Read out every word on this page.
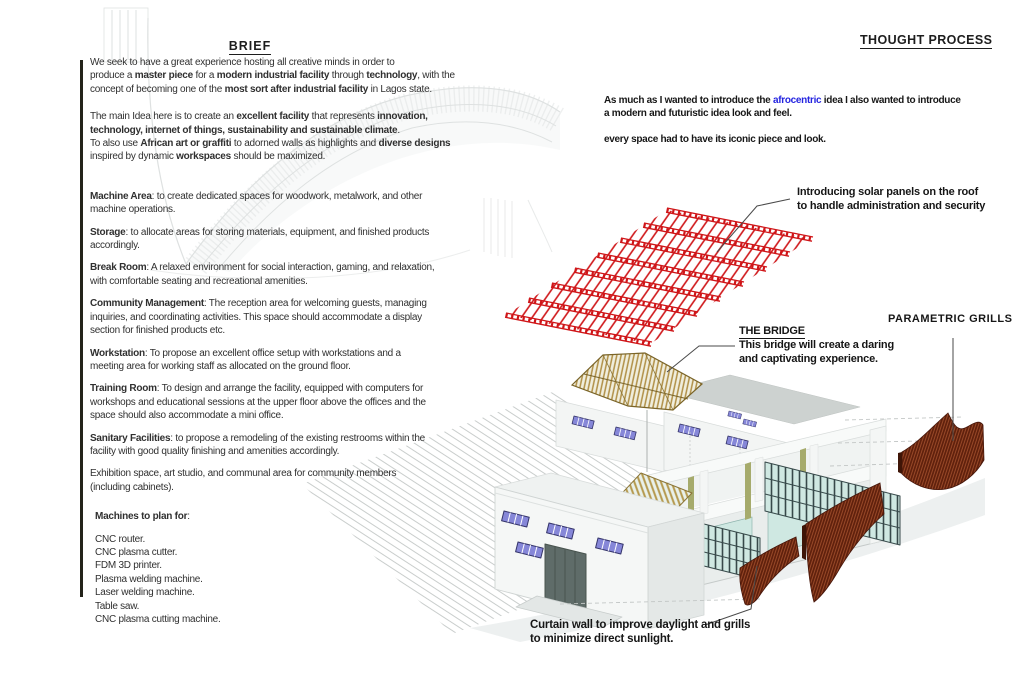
BRIEF
We seek to have a great experience hosting all creative minds in order to
produce a master piece for a modern industrial facility through technology, with the
concept of becoming one of the most sort after industrial facility in Lagos state.
The main Idea here is to create an excellent facility that represents innovation,
technology, internet of things, sustainability and sustainable climate.
To also use African art or graffiti to adorned walls as highlights and diverse designs
inspired by dynamic workspaces should be maximized.
Machine Area: to create dedicated spaces for woodwork, metalwork, and other
machine operations.
Storage: to allocate areas for storing materials, equipment, and finished products
accordingly.
Break Room: A relaxed environment for social interaction, gaming, and relaxation,
with comfortable seating and recreational amenities.
Community Management: The reception area for welcoming guests, managing
inquiries, and coordinating activities. This space should accommodate a display
section for finished products etc.
Workstation: To propose an excellent office setup with workstations and a
meeting area for working staff as allocated on the ground floor.
Training Room: To design and arrange the facility, equipped with computers for
workshops and educational sessions at the upper floor above the offices and the
space should also accommodate a mini office.
Sanitary Facilities: to propose a remodeling of the existing restrooms within the
facility with good quality finishing and amenities accordingly.
Exhibition space, art studio, and communal area for community members
(including cabinets).
Machines to plan for:
CNC router.
CNC plasma cutter.
FDM 3D printer.
Plasma welding machine.
Laser welding machine.
Table saw.
CNC plasma cutting machine.
THOUGHT PROCESS
As much as I wanted to introduce the afrocentric idea I also wanted to introduce
a modern and futuristic idea look and feel.
every space had to have its iconic piece and look.
Introducing solar panels on the roof
to handle administration and security
THE BRIDGE
This bridge will create a daring
and captivating experience.
PARAMETRIC GRILLS
Curtain wall to improve daylight and grills
to minimize direct sunlight.
